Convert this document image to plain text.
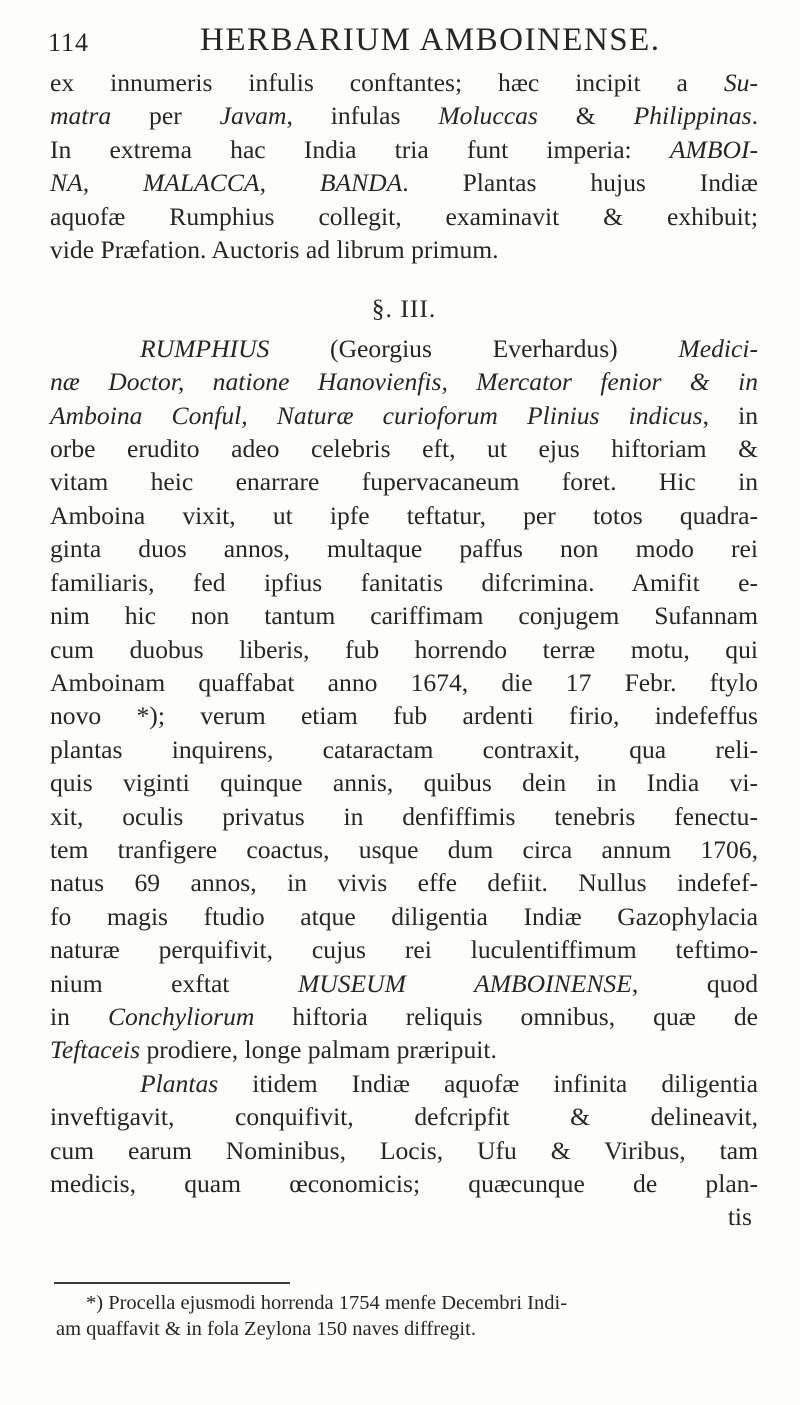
114	HERBARIUM AMBOINENSE.

ex innumeris infulis conftantes; hæc incipit a Su-
matra per Javam, infulas Moluccas & Philippinas.
In extrema hac India tria funt imperia: AMBOI-
NA, MALACCA, BANDA. Plantas hujus Indiæ
aquofæ Rumphius collegit, examinavit & exhibuit;
vide Præfation. Auctoris ad librum primum.

§. III.

RUMPHIUS (Georgius Everhardus) Medici-
næ Doctor, natione Hanovienfis, Mercator fenior & in
Amboina Conful, Naturæ curioforum Plinius indicus, in
orbe erudito adeo celebris eft, ut ejus hiftoriam &
vitam heic enarrare fupervacaneum foret. Hic in
Amboina vixit, ut ipfe teftatur, per totos quadra-
ginta duos annos, multaque paffus non modo rei
familiaris, fed ipfius fanitatis difcrimina. Amifit e-
nim hic non tantum cariffimam conjugem Sufannam
cum duobus liberis, fub horrendo terræ motu, qui
Amboinam quaffabat anno 1674, die 17 Febr. ftylo
novo *); verum etiam fub ardenti firio, indefeffus
plantas inquirens, cataractam contraxit, qua reli-
quis viginti quinque annis, quibus dein in India vi-
xit, oculis privatus in denfiffimis tenebris fenectu-
tem tranfigere coactus, usque dum circa annum 1706,
natus 69 annos, in vivis effe defiit. Nullus indefef-
fo magis ftudio atque diligentia Indiæ Gazophylacia
naturæ perquifivit, cujus rei luculentiffimum teftimo-
nium exftat MUSEUM AMBOINENSE, quod
in Conchyliorum hiftoria reliquis omnibus, quæ de
Teftaceis prodiere, longe palmam præripuit.

Plantas itidem Indiæ aquofæ infinita diligentia
inveftigavit, conquifivit, defcripfit & delineavit,
cum earum Nominibus, Locis, Ufu & Viribus, tam
medicis, quam œconomicis; quæcunque de plan-

tis
*) Procella ejusmodi horrenda 1754 menfe Decembri Indi-
am quaffavit & in fola Zeylona 150 naves diffregit.
